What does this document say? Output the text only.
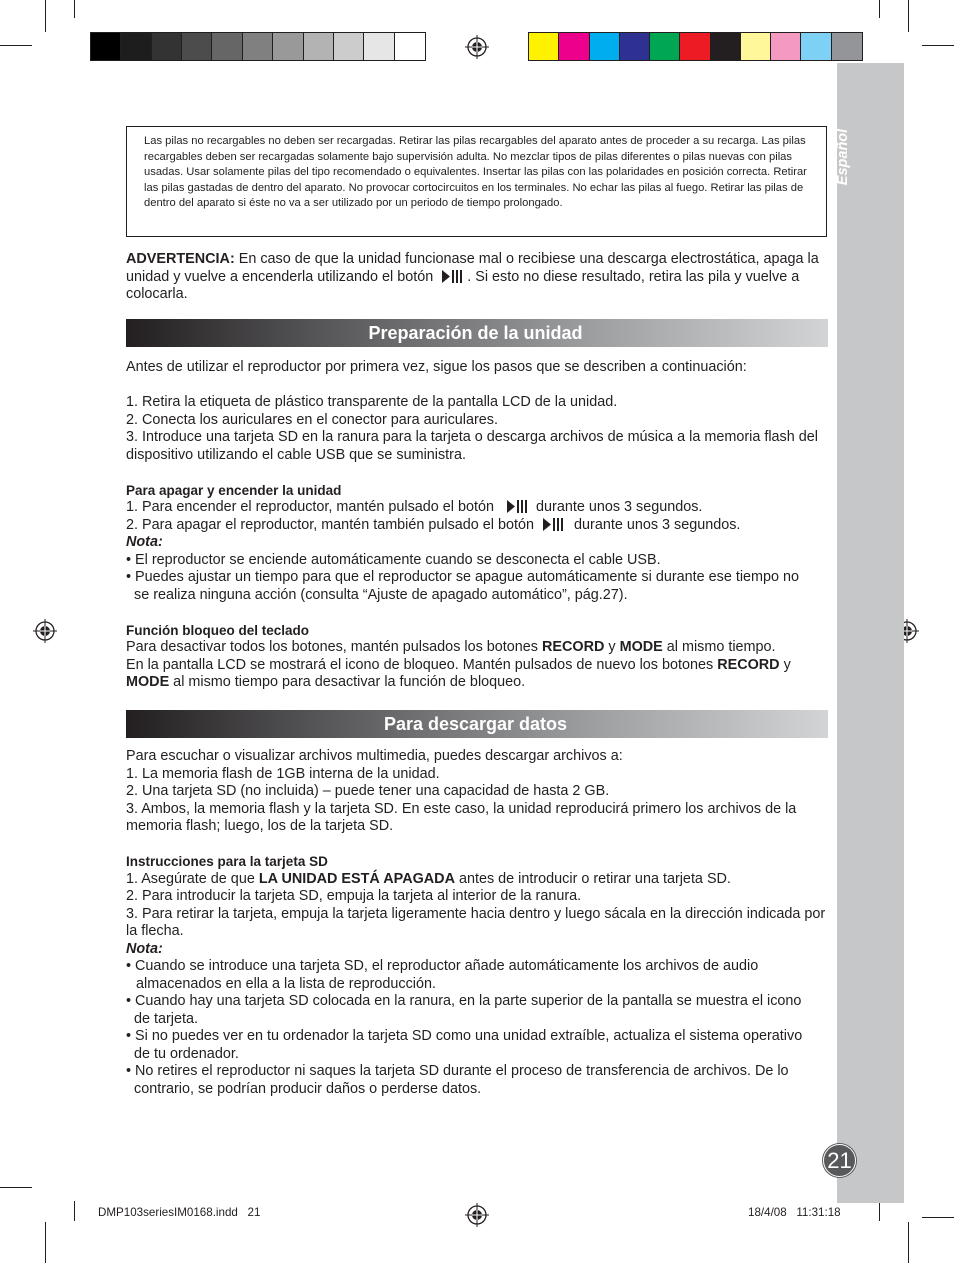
Español
21
Las pilas no recargables no deben ser recargadas. Retirar las pilas recargables del aparato antes de proceder a su recarga. Las pilas recargables deben ser recargadas solamente bajo supervisión adulta. No mezclar tipos de pilas diferentes o pilas nuevas con pilas usadas. Usar solamente pilas del tipo recomendado o equivalentes. Insertar las pilas con las polaridades en posición correcta. Retirar las pilas gastadas de dentro del aparato. No provocar cortocircuitos en los terminales. No echar las pilas al fuego. Retirar las pilas de dentro del aparato si éste no va a ser utilizado por un periodo de tiempo prolongado.

ADVERTENCIA: En caso de que la unidad funcionase mal o recibiese una descarga electrostática, apaga la unidad y vuelve a encenderla utilizando el botón . Si esto no diese resultado, retira las pila y vuelve a colocarla.

Preparación de la unidad

Antes de utilizar el reproductor por primera vez, sigue los pasos que se describen a continuación:

1. Retira la etiqueta de plástico transparente de la pantalla LCD de la unidad.

2. Conecta los auriculares en el conector para auriculares.

3. Introduce una tarjeta SD en la ranura para la tarjeta o descarga archivos de música a la memoria flash del dispositivo utilizando el cable USB que se suministra.

Para apagar y encender la unidad

1. Para encender el reproductor, mantén pulsado el botón	durante unos 3 segundos.

2. Para apagar el reproductor, mantén también pulsado el botón	durante unos 3 segundos.

Nota:

• El reproductor se enciende automáticamente cuando se desconecta el cable USB.

• Puedes ajustar un tiempo para que el reproductor se apague automáticamente si durante ese tiempo no

se realiza ninguna acción (consulta “Ajuste de apagado automático”, pág.27).

Función bloqueo del teclado

Para desactivar todos los botones, mantén pulsados los botones RECORD y MODE al mismo tiempo.

En la pantalla LCD se mostrará el icono de bloqueo. Mantén pulsados de nuevo los botones RECORD y MODE al mismo tiempo para desactivar la función de bloqueo.

Para descargar datos

Para escuchar o visualizar archivos multimedia, puedes descargar archivos a:

1. La memoria flash de 1GB interna de la unidad.

2. Una tarjeta SD (no incluida) – puede tener una capacidad de hasta 2 GB.

3. Ambos, la memoria flash y la tarjeta SD. En este caso, la unidad reproducirá primero los archivos de la memoria flash; luego, los de la tarjeta SD.

Instrucciones para la tarjeta SD

1. Asegúrate de que LA UNIDAD ESTÁ APAGADA antes de introducir o retirar una tarjeta SD.

2. Para introducir la tarjeta SD, empuja la tarjeta al interior de la ranura.

3. Para retirar la tarjeta, empuja la tarjeta ligeramente hacia dentro y luego sácala en la dirección indicada por la flecha.

Nota:

• Cuando se introduce una tarjeta SD, el reproductor añade automáticamente los archivos de audio

almacenados en ella a la lista de reproducción.

• Cuando hay una tarjeta SD colocada en la ranura, en la parte superior de la pantalla se muestra el icono

de tarjeta.

• Si no puedes ver en tu ordenador la tarjeta SD como una unidad extraíble, actualiza el sistema operativo

de tu ordenador.

• No retires el reproductor ni saques la tarjeta SD durante el proceso de transferencia de archivos. De lo

contrario, se podrían producir daños o perderse datos.

DMP103seriesIM0168.indd   21	18/4/08   11:31:18
